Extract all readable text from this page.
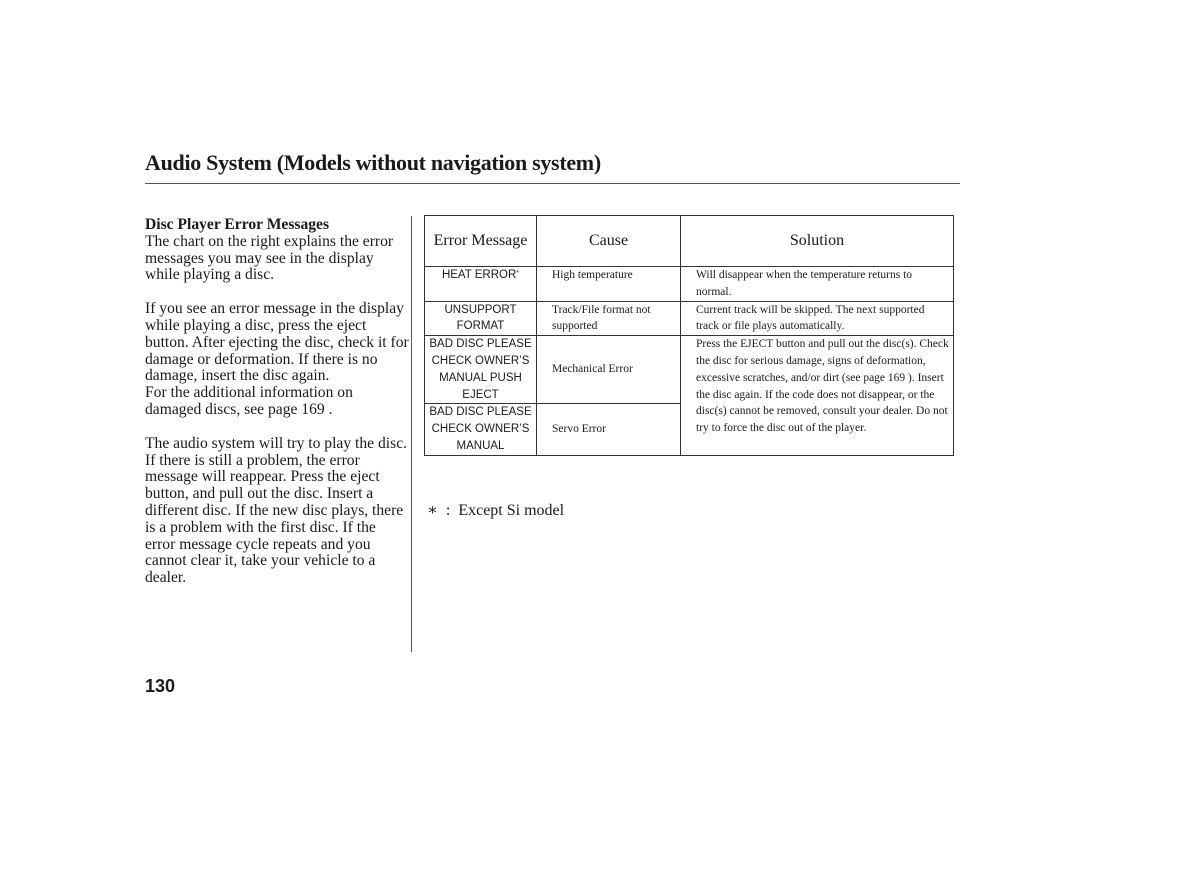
Audio System (Models without navigation system)
Disc Player Error Messages

The chart on the right explains the error messages you may see in the display while playing a disc.

If you see an error message in the display while playing a disc, press the eject button. After ejecting the disc, check it for damage or deformation. If there is no damage, insert the disc again.

For the additional information on damaged discs, see page 169 .

The audio system will try to play the disc. If there is still a problem, the error message will reappear. Press the eject button, and pull out the disc. Insert a different disc. If the new disc plays, there is a problem with the first disc. If the error message cycle repeats and you cannot clear it, take your vehicle to a dealer.

Error Message	Cause	Solution
HEAT ERROR*	High temperature	Will disappear when the temperature returns to normal.
UNSUPPORT FORMAT	Track/File format not supported	Current track will be skipped. The next supported track or file plays automatically.
BAD DISC PLEASE CHECK OWNER’S MANUAL PUSH EJECT	Mechanical Error	Press the EJECT button and pull out the disc(s). Check the disc for serious damage, signs of deformation, excessive scratches, and/or dirt (see page 169 ). Insert the disc again. If the code does not disappear, or the disc(s) cannot be removed, consult your dealer. Do not try to force the disc out of the player.
BAD DISC PLEASE CHECK OWNER’S MANUAL	Servo Error	
∗ : Except Si model
130
